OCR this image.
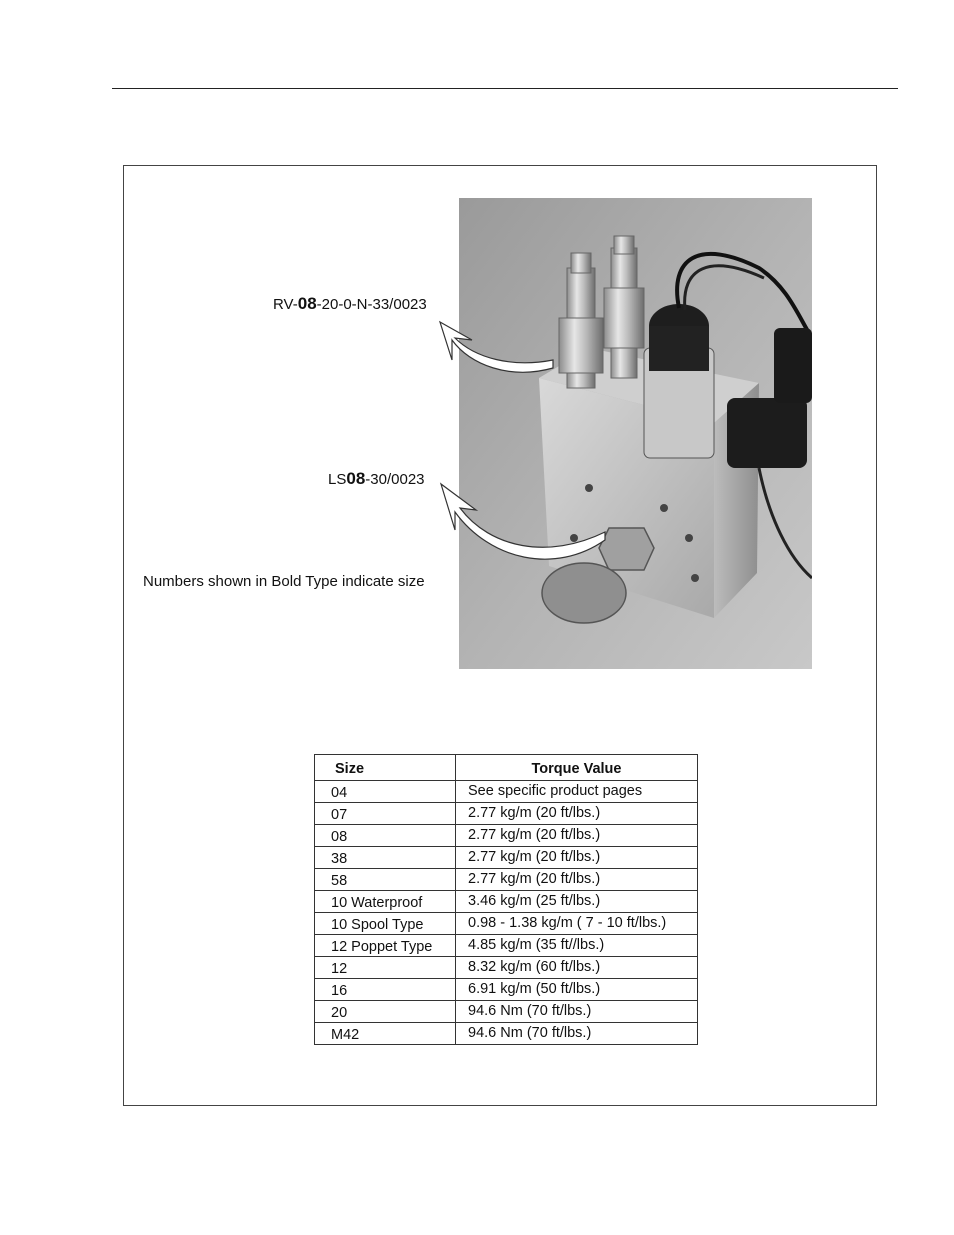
RV-08-20-0-N-33/0023
LS08-30/0023
Numbers shown in Bold Type indicate size
Size	Torque Value
04	See specific product pages
07	2.77 kg/m (20 ft/lbs.)
08	2.77 kg/m (20 ft/lbs.)
38	2.77 kg/m (20 ft/lbs.)
58	2.77 kg/m (20 ft/lbs.)
10 Waterproof	3.46 kg/m (25 ft/lbs.)
10 Spool Type	0.98 - 1.38 kg/m ( 7 - 10 ft/lbs.)
12 Poppet Type	4.85 kg/m (35 ft//lbs.)
12	8.32 kg/m (60 ft/lbs.)
16	6.91 kg/m (50 ft/lbs.)
20	94.6 Nm (70 ft/lbs.)
M42	94.6 Nm (70 ft/lbs.)
